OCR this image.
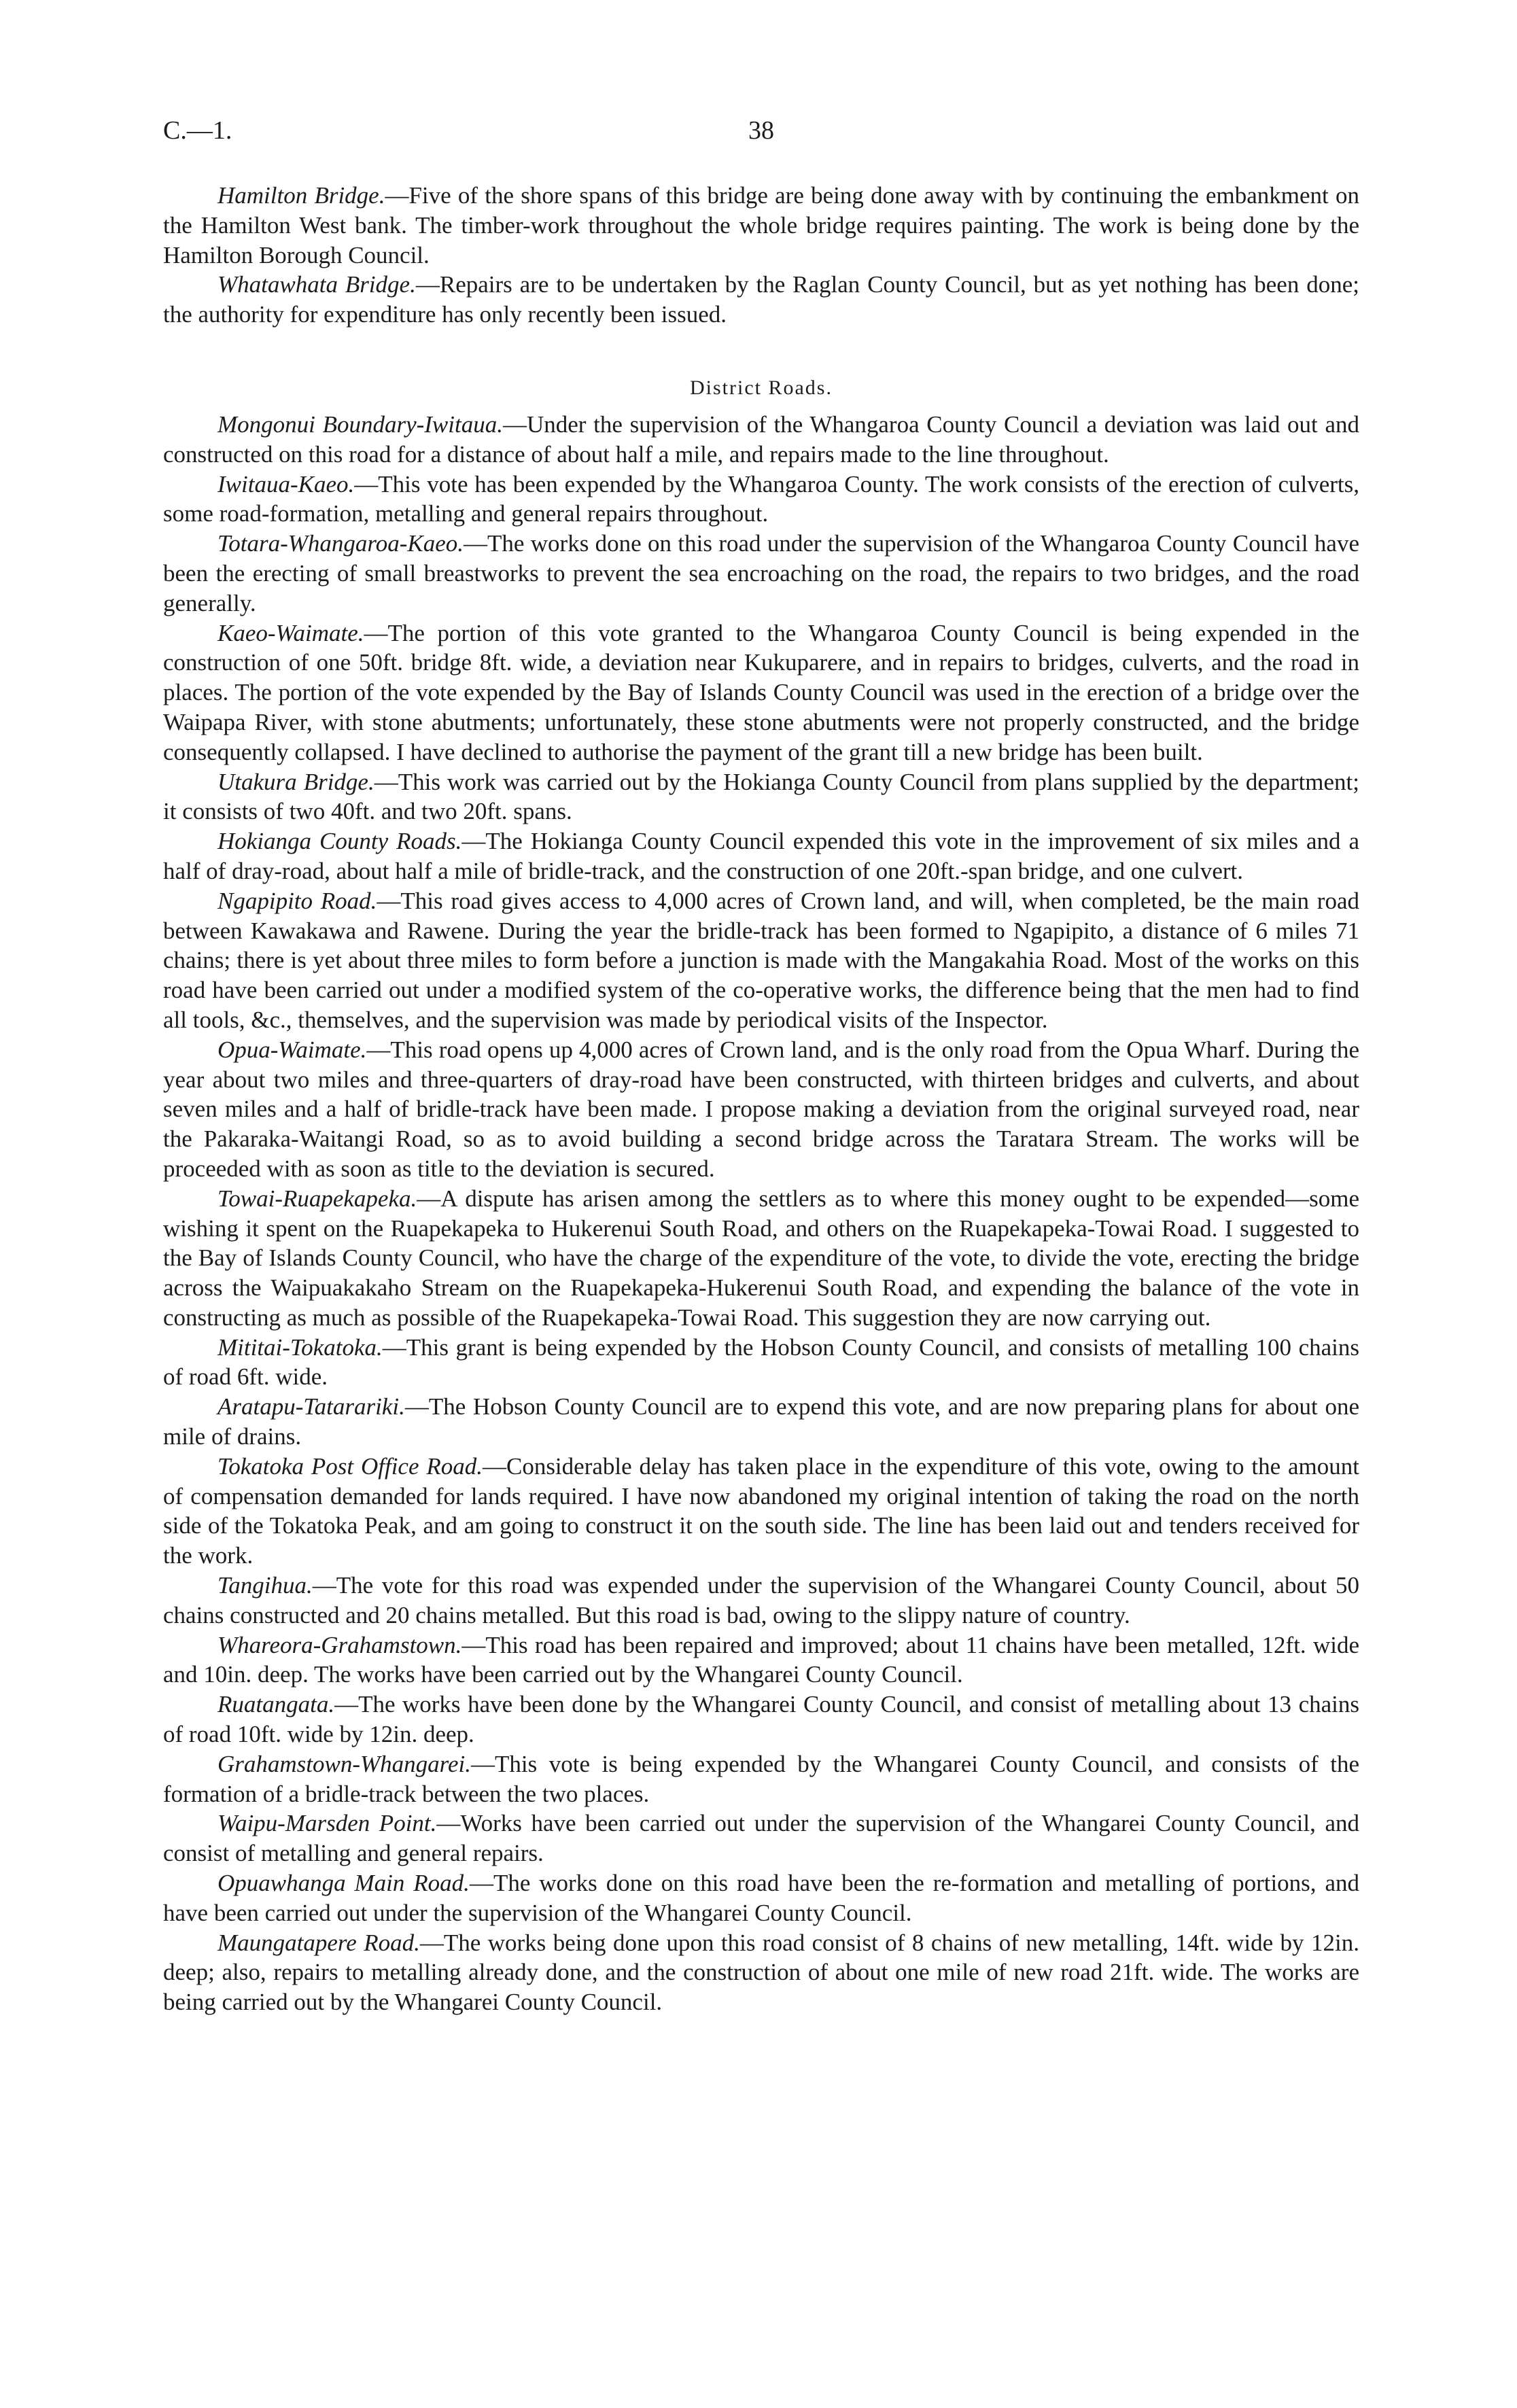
C.—1.	38

Hamilton Bridge.—Five of the shore spans of this bridge are being done away with by continuing the embankment on the Hamilton West bank. The timber-work throughout the whole bridge requires painting. The work is being done by the Hamilton Borough Council.

Whatawhata Bridge.—Repairs are to be undertaken by the Raglan County Council, but as yet nothing has been done; the authority for expenditure has only recently been issued.

District Roads.

Mongonui Boundary-Iwitaua.—Under the supervision of the Whangaroa County Council a deviation was laid out and constructed on this road for a distance of about half a mile, and repairs made to the line throughout.

Iwitaua-Kaeo.—This vote has been expended by the Whangaroa County. The work consists of the erection of culverts, some road-formation, metalling and general repairs throughout.

Totara-Whangaroa-Kaeo.—The works done on this road under the supervision of the Whangaroa County Council have been the erecting of small breastworks to prevent the sea encroaching on the road, the repairs to two bridges, and the road generally.

Kaeo-Waimate.—The portion of this vote granted to the Whangaroa County Council is being expended in the construction of one 50ft. bridge 8ft. wide, a deviation near Kukuparere, and in repairs to bridges, culverts, and the road in places. The portion of the vote expended by the Bay of Islands County Council was used in the erection of a bridge over the Waipapa River, with stone abutments; unfortunately, these stone abutments were not properly constructed, and the bridge consequently collapsed. I have declined to authorise the payment of the grant till a new bridge has been built.

Utakura Bridge.—This work was carried out by the Hokianga County Council from plans supplied by the department; it consists of two 40ft. and two 20ft. spans.

Hokianga County Roads.—The Hokianga County Council expended this vote in the improvement of six miles and a half of dray-road, about half a mile of bridle-track, and the construction of one 20ft.-span bridge, and one culvert.

Ngapipito Road.—This road gives access to 4,000 acres of Crown land, and will, when completed, be the main road between Kawakawa and Rawene. During the year the bridle-track has been formed to Ngapipito, a distance of 6 miles 71 chains; there is yet about three miles to form before a junction is made with the Mangakahia Road. Most of the works on this road have been carried out under a modified system of the co-operative works, the difference being that the men had to find all tools, &c., themselves, and the supervision was made by periodical visits of the Inspector.

Opua-Waimate.—This road opens up 4,000 acres of Crown land, and is the only road from the Opua Wharf. During the year about two miles and three-quarters of dray-road have been constructed, with thirteen bridges and culverts, and about seven miles and a half of bridle-track have been made. I propose making a deviation from the original surveyed road, near the Pakaraka-Waitangi Road, so as to avoid building a second bridge across the Taratara Stream. The works will be proceeded with as soon as title to the deviation is secured.

Towai-Ruapekapeka.—A dispute has arisen among the settlers as to where this money ought to be expended—some wishing it spent on the Ruapekapeka to Hukerenui South Road, and others on the Ruapekapeka-Towai Road. I suggested to the Bay of Islands County Council, who have the charge of the expenditure of the vote, to divide the vote, erecting the bridge across the Waipuakakaho Stream on the Ruapekapeka-Hukerenui South Road, and expending the balance of the vote in constructing as much as possible of the Ruapekapeka-Towai Road. This suggestion they are now carrying out.

Mititai-Tokatoka.—This grant is being expended by the Hobson County Council, and consists of metalling 100 chains of road 6ft. wide.

Aratapu-Tatarariki.—The Hobson County Council are to expend this vote, and are now preparing plans for about one mile of drains.

Tokatoka Post Office Road.—Considerable delay has taken place in the expenditure of this vote, owing to the amount of compensation demanded for lands required. I have now abandoned my original intention of taking the road on the north side of the Tokatoka Peak, and am going to construct it on the south side. The line has been laid out and tenders received for the work.

Tangihua.—The vote for this road was expended under the supervision of the Whangarei County Council, about 50 chains constructed and 20 chains metalled. But this road is bad, owing to the slippy nature of country.

Whareora-Grahamstown.—This road has been repaired and improved; about 11 chains have been metalled, 12ft. wide and 10in. deep. The works have been carried out by the Whangarei County Council.

Ruatangata.—The works have been done by the Whangarei County Council, and consist of metalling about 13 chains of road 10ft. wide by 12in. deep.

Grahamstown-Whangarei.—This vote is being expended by the Whangarei County Council, and consists of the formation of a bridle-track between the two places.

Waipu-Marsden Point.—Works have been carried out under the supervision of the Whangarei County Council, and consist of metalling and general repairs.

Opuawhanga Main Road.—The works done on this road have been the re-formation and metalling of portions, and have been carried out under the supervision of the Whangarei County Council.

Maungatapere Road.—The works being done upon this road consist of 8 chains of new metalling, 14ft. wide by 12in. deep; also, repairs to metalling already done, and the construction of about one mile of new road 21ft. wide. The works are being carried out by the Whangarei County Council.
